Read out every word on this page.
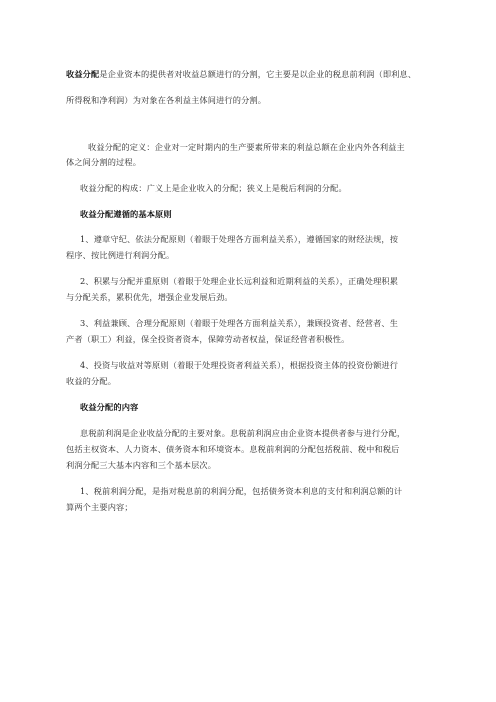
收益分配是企业资本的提供者对收益总额进行的分割，它主要是以企业的税息前利润（即利息、
所得税和净利润）为对象在各利益主体间进行的分割。
收益分配的定义：企业对一定时期内的生产要素所带来的利益总额在企业内外各利益主
体之间分割的过程。
收益分配的构成：广义上是企业收入的分配；狭义上是税后利润的分配。
收益分配遵循的基本原则
1、遵章守纪、依法分配原则（着眼于处理各方面利益关系），遵循国家的财经法规，按
程序、按比例进行利润分配。
2、积累与分配并重原则（着眼于处理企业长远利益和近期利益的关系），正确处理积累
与分配关系，累积优先，增强企业发展后劲。
3、利益兼顾、合理分配原则（着眼于处理各方面利益关系），兼顾投资者、经营者、生
产者（职工）利益，保全投资者资本，保障劳动者权益，保证经营者积极性。
4、投资与收益对等原则（着眼于处理投资者利益关系），根据投资主体的投资份额进行
收益的分配。
收益分配的内容
息税前利润是企业收益分配的主要对象。息税前利润应由企业资本提供者参与进行分配，
包括主权资本、人力资本、债务资本和环境资本。息税前利润的分配包括税前、税中和税后
利润分配三大基本内容和三个基本层次。
1、税前利润分配，是指对税息前的利润分配，包括债务资本利息的支付和利润总额的计
算两个主要内容；
